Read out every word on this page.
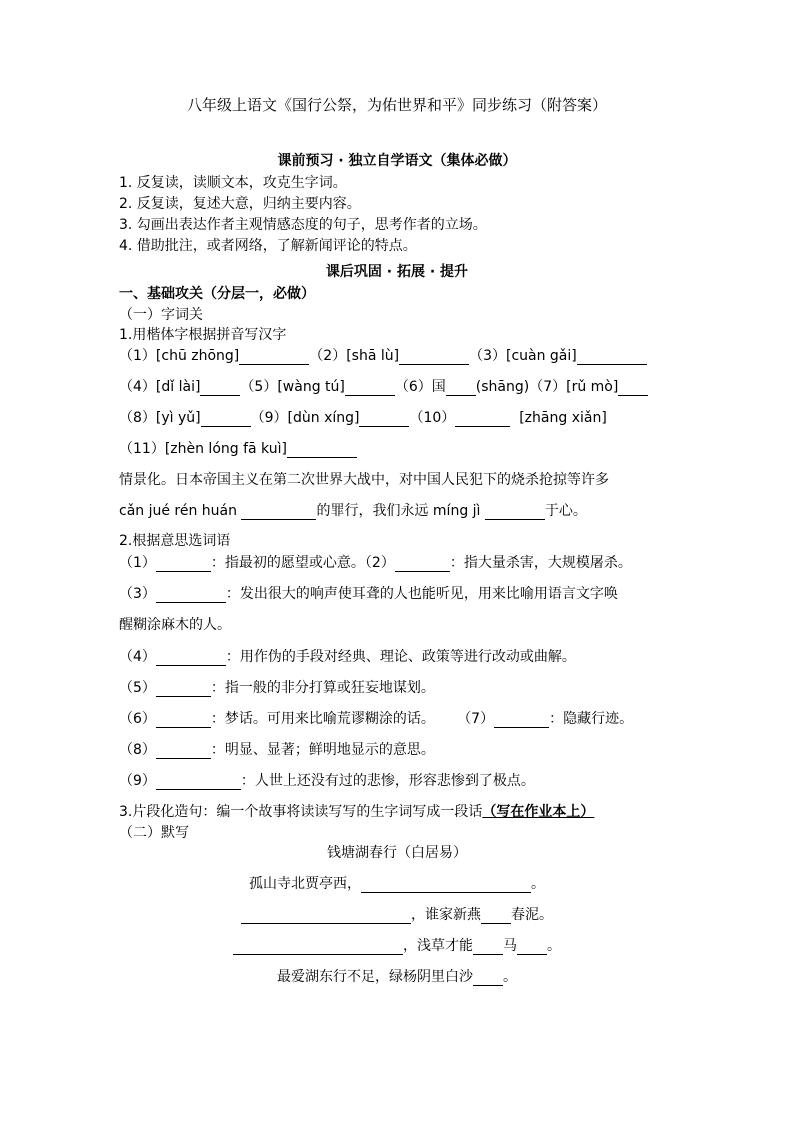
八年级上语文《国行公祭，为佑世界和平》同步练习（附答案）
课前预习 · 独立自学语文（集体必做）
1. 反复读，读顺文本，攻克生字词。
2. 反复读，复述大意，归纳主要内容。
3. 勾画出表达作者主观情感态度的句子，思考作者的立场。
4. 借助批注，或者网络，了解新闻评论的特点。
课后巩固 · 拓展 · 提升
一、基础攻关（分层一，必做）
（一）字词关
1.用楷体字根据拼音写汉字
（1）[chū zhōng]	（2）[shā lù]	（3）[cuàn gǎi]
（4）[dǐ lài]	（5）[wàng tú]	（6）国 (shāng)（7）[rǔ mò]
（8）[yì yǔ]	（9）[dùn xíng]	（10）	[zhāng xiǎn]
（11）[zhèn lóng fā kuì]
情景化。日本帝国主义在第二次世界大战中，对中国人民犯下的烧杀抢掠等许多
cǎn jué rén huán	的罪行，我们永远 míng jì	于心。
2.根据意思选词语
（1）	：指最初的愿望或心意。（2）	：指大量杀害，大规模屠杀。
（3）	：发出很大的响声使耳聋的人也能听见，用来比喻用语言文字唤
醒糊涂麻木的人。
（4）	：用作伪的手段对经典、理论、政策等进行改动或曲解。
（5）	：指一般的非分打算或狂妄地谋划。
（6）	：梦话。可用来比喻荒谬糊涂的话。 （7）	：隐藏行迹。
（8）	：明显、显著；鲜明地显示的意思。
（9）	：人世上还没有过的悲惨，形容悲惨到了极点。
3.片段化造句：编一个故事将读读写写的生字词写成一段话（写在作业本上）
（二）默写
钱塘湖春行（白居易）
孤山寺北贾亭西，	。
，谁家新燕 春泥。
，浅草才能 马 。
最爱湖东行不足，绿杨阴里白沙 。
